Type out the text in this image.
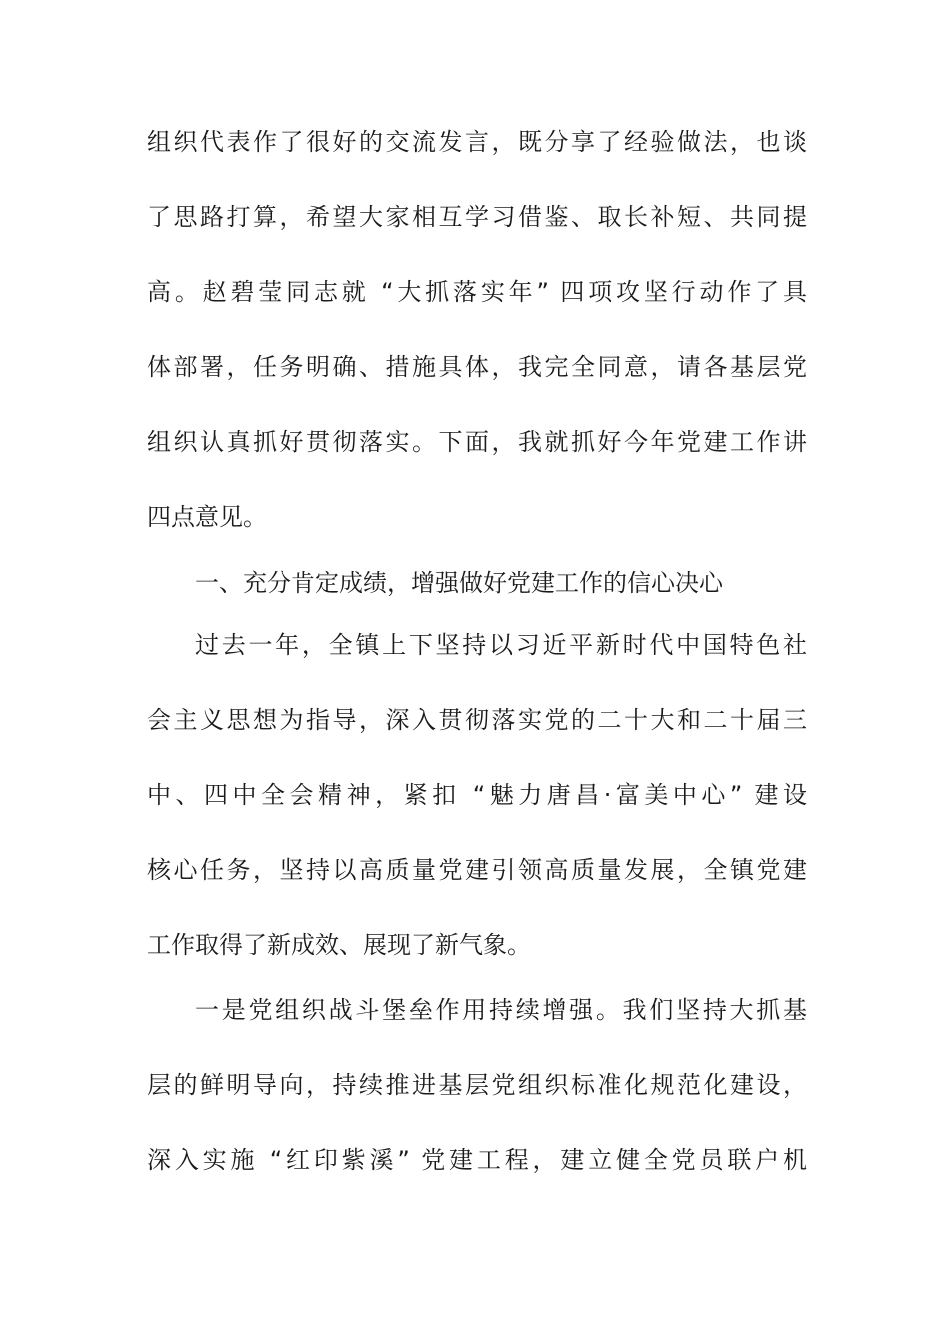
组织代表作了很好的交流发言，既分享了经验做法，也谈
了思路打算，希望大家相互学习借鉴、取长补短、共同提
高。赵碧莹同志就 “大抓落实年” 四项攻坚行动作了具
体部署，任务明确、措施具体，我完全同意，请各基层党
组织认真抓好贯彻落实。下面，我就抓好今年党建工作讲
四点意见。
一、充分肯定成绩，增强做好党建工作的信心决心
过去一年，全镇上下坚持以习近平新时代中国特色社
会主义思想为指导，深入贯彻落实党的二十大和二十届三
中、四中全会精神，紧扣 “魅力唐昌·富美中心” 建设
核心任务，坚持以高质量党建引领高质量发展，全镇党建
工作取得了新成效、展现了新气象。
一是党组织战斗堡垒作用持续增强。我们坚持大抓基
层的鲜明导向，持续推进基层党组织标准化规范化建设，
深入实施 “红印紫溪” 党建工程，建立健全党员联户机
